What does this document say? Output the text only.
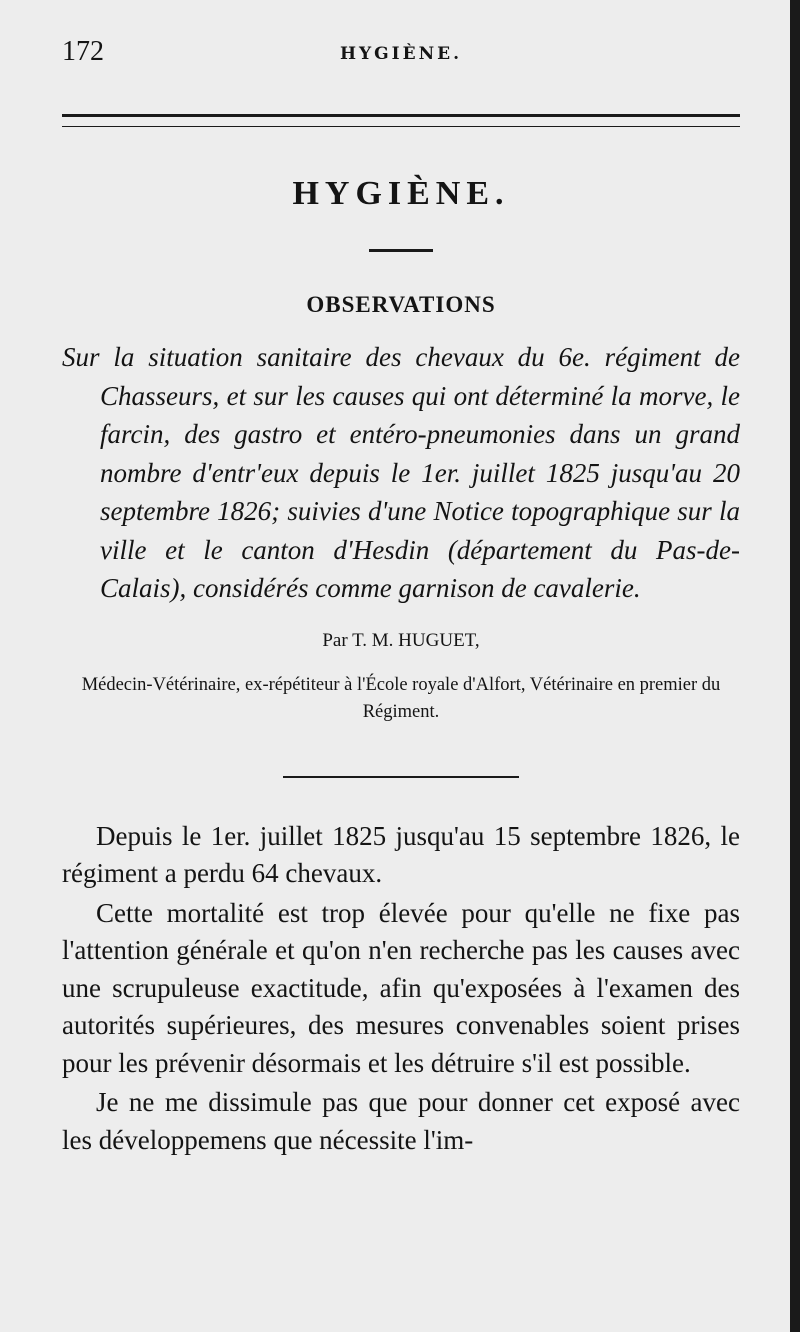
172	HYGIÈNE.
HYGIÈNE.
OBSERVATIONS
Sur la situation sanitaire des chevaux du 6e. régiment de Chasseurs, et sur les causes qui ont déterminé la morve, le farcin, des gastro et entéro-pneumonies dans un grand nombre d'entr'eux depuis le 1er. juillet 1825 jusqu'au 20 septembre 1826; suivies d'une Notice topographique sur la ville et le canton d'Hesdin (département du Pas-de-Calais), considérés comme garnison de cavalerie.
Par T. M. HUGUET,
Médecin-Vétérinaire, ex-répétiteur à l'École royale d'Alfort, Vétérinaire en premier du Régiment.

Depuis le 1er. juillet 1825 jusqu'au 15 septembre 1826, le régiment a perdu 64 chevaux.

Cette mortalité est trop élevée pour qu'elle ne fixe pas l'attention générale et qu'on n'en recherche pas les causes avec une scrupuleuse exactitude, afin qu'exposées à l'examen des autorités supérieures, des mesures convenables soient prises pour les prévenir désormais et les détruire s'il est possible.

Je ne me dissimule pas que pour donner cet exposé avec les développemens que nécessite l'im-
